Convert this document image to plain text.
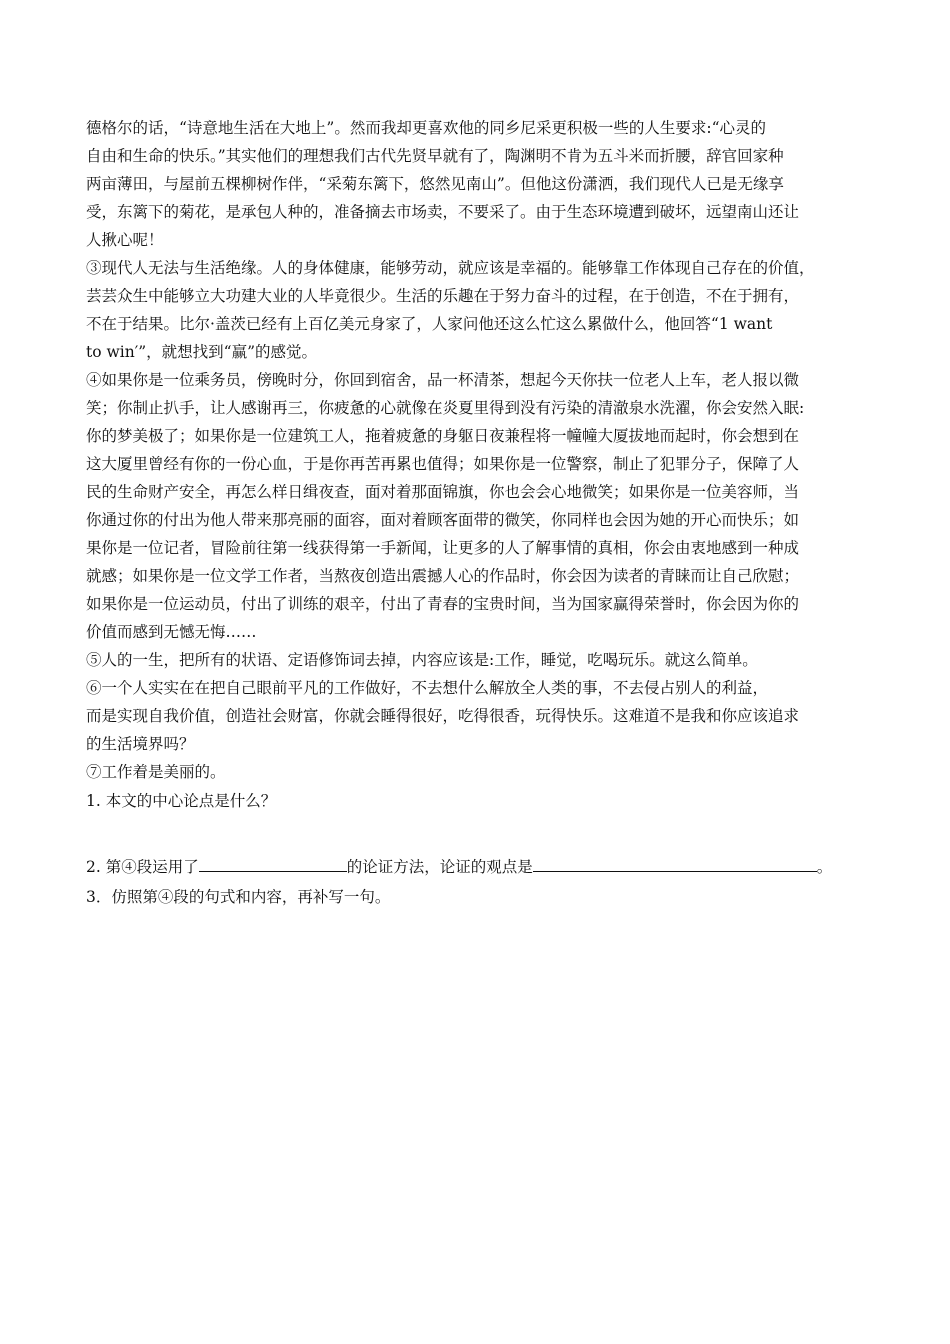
德格尔的话，“诗意地生活在大地上”。然而我却更喜欢他的同乡尼采更积极一些的人生要求:“心灵的
自由和生命的快乐。”其实他们的理想我们古代先贤早就有了，陶渊明不肯为五斗米而折腰，辞官回家种
两亩薄田，与屋前五棵柳树作伴，“采菊东篱下，悠然见南山”。但他这份潇洒，我们现代人已是无缘享
受，东篱下的菊花，是承包人种的，准备摘去市场卖，不要采了。由于生态环境遭到破坏，远望南山还让
人揪心呢！
③现代人无法与生活绝缘。人的身体健康，能够劳动，就应该是幸福的。能够靠工作体现自己存在的价值，
芸芸众生中能够立大功建大业的人毕竟很少。生活的乐趣在于努力奋斗的过程，在于创造，不在于拥有，
不在于结果。比尔·盖茨已经有上百亿美元身家了，人家问他还这么忙这么累做什么，他回答“1 want
to win′”，就想找到“赢”的感觉。
④如果你是一位乘务员，傍晚时分，你回到宿舍，品一杯清茶，想起今天你扶一位老人上车，老人报以微
笑；你制止扒手，让人感谢再三，你疲惫的心就像在炎夏里得到没有污染的清澈泉水洗濯，你会安然入眠:
你的梦美极了；如果你是一位建筑工人，拖着疲惫的身躯日夜兼程将一幢幢大厦拔地而起时，你会想到在
这大厦里曾经有你的一份心血，于是你再苦再累也值得；如果你是一位警察，制止了犯罪分子，保障了人
民的生命财产安全，再怎么样日缉夜查，面对着那面锦旗，你也会会心地微笑；如果你是一位美容师，当
你通过你的付出为他人带来那亮丽的面容，面对着顾客面带的微笑，你同样也会因为她的开心而快乐；如
果你是一位记者，冒险前往第一线获得第一手新闻，让更多的人了解事情的真相，你会由衷地感到一种成
就感；如果你是一位文学工作者，当熬夜创造出震撼人心的作品时，你会因为读者的青睐而让自己欣慰；
如果你是一位运动员，付出了训练的艰辛，付出了青春的宝贵时间，当为国家赢得荣誉时，你会因为你的
价值而感到无憾无悔……
⑤人的一生，把所有的状语、定语修饰词去掉，内容应该是:工作，睡觉，吃喝玩乐。就这么简单。
⑥一个人实实在在把自己眼前平凡的工作做好，不去想什么解放全人类的事，不去侵占别人的利益，
而是实现自我价值，创造社会财富，你就会睡得很好，吃得很香，玩得快乐。这难道不是我和你应该追求
的生活境界吗？
⑦工作着是美丽的。
1. 本文的中心论点是什么？
2. 第④段运用了	的论证方法，论证的观点是	。
3．仿照第④段的句式和内容，再补写一句。
